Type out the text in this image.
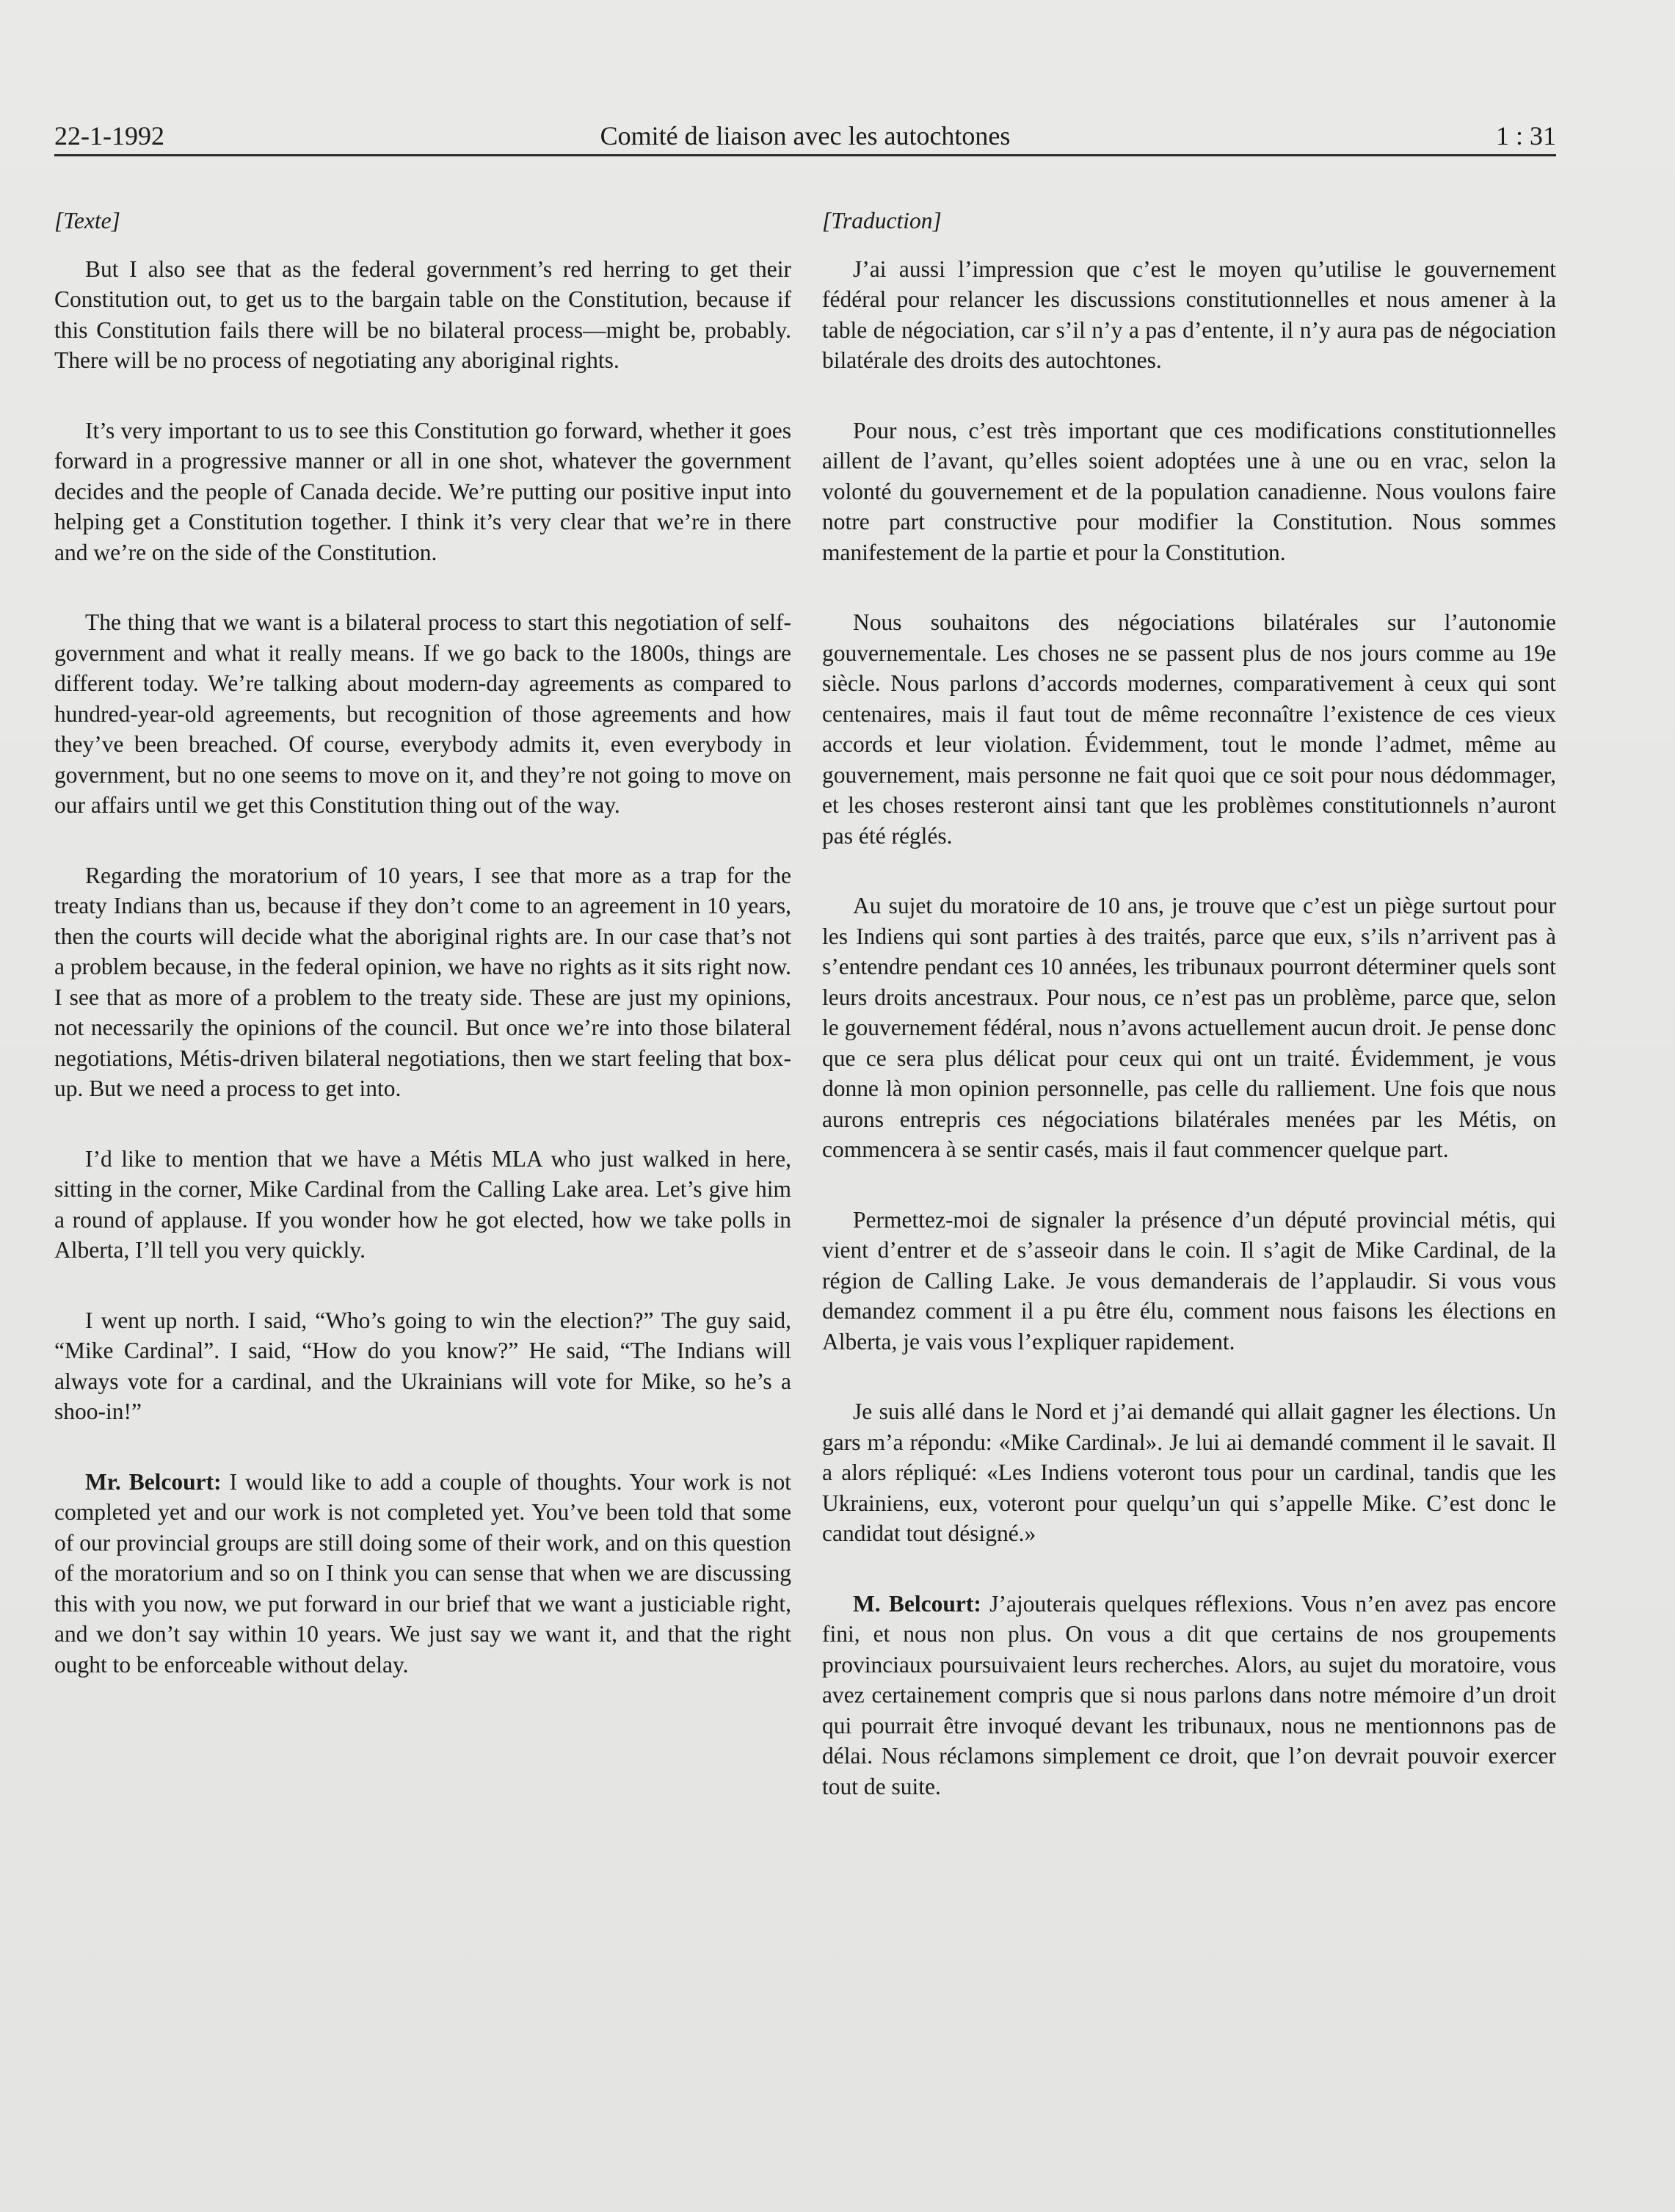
22-1-1992	Comité de liaison avec les autochtones	1 : 31

[Texte]

But I also see that as the federal government’s red herring to get their Constitution out, to get us to the bargain table on the Constitution, because if this Constitution fails there will be no bilateral process—might be, probably. There will be no process of negotiating any aboriginal rights.

It’s very important to us to see this Constitution go forward, whether it goes forward in a progressive manner or all in one shot, whatever the government decides and the people of Canada decide. We’re putting our positive input into helping get a Constitution together. I think it’s very clear that we’re in there and we’re on the side of the Constitution.

The thing that we want is a bilateral process to start this negotiation of self-government and what it really means. If we go back to the 1800s, things are different today. We’re talking about modern-day agreements as compared to hundred-year-old agreements, but recognition of those agreements and how they’ve been breached. Of course, everybody admits it, even everybody in government, but no one seems to move on it, and they’re not going to move on our affairs until we get this Constitution thing out of the way.

Regarding the moratorium of 10 years, I see that more as a trap for the treaty Indians than us, because if they don’t come to an agreement in 10 years, then the courts will decide what the aboriginal rights are. In our case that’s not a problem because, in the federal opinion, we have no rights as it sits right now. I see that as more of a problem to the treaty side. These are just my opinions, not necessarily the opinions of the council. But once we’re into those bilateral negotiations, Métis-driven bilateral negotiations, then we start feeling that box-up. But we need a process to get into.

I’d like to mention that we have a Métis MLA who just walked in here, sitting in the corner, Mike Cardinal from the Calling Lake area. Let’s give him a round of applause. If you wonder how he got elected, how we take polls in Alberta, I’ll tell you very quickly.

I went up north. I said, “Who’s going to win the election?” The guy said, “Mike Cardinal”. I said, “How do you know?” He said, “The Indians will always vote for a cardinal, and the Ukrainians will vote for Mike, so he’s a shoo-in!”

Mr. Belcourt: I would like to add a couple of thoughts. Your work is not completed yet and our work is not completed yet. You’ve been told that some of our provincial groups are still doing some of their work, and on this question of the moratorium and so on I think you can sense that when we are discussing this with you now, we put forward in our brief that we want a justiciable right, and we don’t say within 10 years. We just say we want it, and that the right ought to be enforceable without delay.

[Traduction]

J’ai aussi l’impression que c’est le moyen qu’utilise le gouvernement fédéral pour relancer les discussions constitutionnelles et nous amener à la table de négociation, car s’il n’y a pas d’entente, il n’y aura pas de négociation bilatérale des droits des autochtones.

Pour nous, c’est très important que ces modifications constitutionnelles aillent de l’avant, qu’elles soient adoptées une à une ou en vrac, selon la volonté du gouvernement et de la population canadienne. Nous voulons faire notre part constructive pour modifier la Constitution. Nous sommes manifestement de la partie et pour la Constitution.

Nous souhaitons des négociations bilatérales sur l’autonomie gouvernementale. Les choses ne se passent plus de nos jours comme au 19e siècle. Nous parlons d’accords modernes, comparativement à ceux qui sont centenaires, mais il faut tout de même reconnaître l’existence de ces vieux accords et leur violation. Évidemment, tout le monde l’admet, même au gouvernement, mais personne ne fait quoi que ce soit pour nous dédommager, et les choses resteront ainsi tant que les problèmes constitutionnels n’auront pas été réglés.

Au sujet du moratoire de 10 ans, je trouve que c’est un piège surtout pour les Indiens qui sont parties à des traités, parce que eux, s’ils n’arrivent pas à s’entendre pendant ces 10 années, les tribunaux pourront déterminer quels sont leurs droits ancestraux. Pour nous, ce n’est pas un problème, parce que, selon le gouvernement fédéral, nous n’avons actuellement aucun droit. Je pense donc que ce sera plus délicat pour ceux qui ont un traité. Évidemment, je vous donne là mon opinion personnelle, pas celle du ralliement. Une fois que nous aurons entrepris ces négociations bilatérales menées par les Métis, on commencera à se sentir casés, mais il faut commencer quelque part.

Permettez-moi de signaler la présence d’un député provincial métis, qui vient d’entrer et de s’asseoir dans le coin. Il s’agit de Mike Cardinal, de la région de Calling Lake. Je vous demanderais de l’applaudir. Si vous vous demandez comment il a pu être élu, comment nous faisons les élections en Alberta, je vais vous l’expliquer rapidement.

Je suis allé dans le Nord et j’ai demandé qui allait gagner les élections. Un gars m’a répondu: «Mike Cardinal». Je lui ai demandé comment il le savait. Il a alors répliqué: «Les Indiens voteront tous pour un cardinal, tandis que les Ukrainiens, eux, voteront pour quelqu’un qui s’appelle Mike. C’est donc le candidat tout désigné.»

M. Belcourt: J’ajouterais quelques réflexions. Vous n’en avez pas encore fini, et nous non plus. On vous a dit que certains de nos groupements provinciaux poursuivaient leurs recherches. Alors, au sujet du moratoire, vous avez certainement compris que si nous parlons dans notre mémoire d’un droit qui pourrait être invoqué devant les tribunaux, nous ne mentionnons pas de délai. Nous réclamons simplement ce droit, que l’on devrait pouvoir exercer tout de suite.
